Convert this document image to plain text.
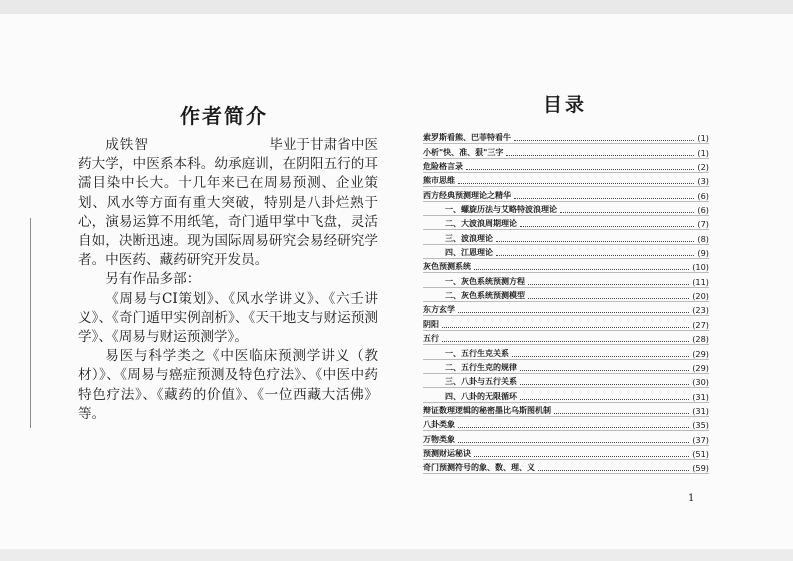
作者简介

成铁智	毕业于甘肃省中医

药大学，中医系本科。幼承庭训，在阴阳五行的耳濡目染中长大。十几年来已在周易预测、企业策划、风水等方面有重大突破，特别是八卦烂熟于心，演易运算不用纸笔，奇门遁甲掌中飞盘，灵活自如，决断迅速。现为国际周易研究会易经研究学者。中医药、藏药研究开发员。

另有作品多部：

《周易与CI策划》、《风水学讲义》、《六壬讲义》、《奇门遁甲实例剖析》、《天干地支与财运预测学》、《周易与财运预测学》。

易医与科学类之《中医临床预测学讲义（教材）》、《周易与癌症预测及特色疗法》、《中医中药特色疗法》、《藏药的价值》、《一位西藏大活佛》等。

目录
索罗斯看熊、巴菲特看牛	(1)
小析"快、准、狠"三字	(1)
危险格言录	(2)
熊市思维	(3)
西方经典预测理论之精华	(6)
一、螺旋历法与艾略特波浪理论	(6)
二、大波浪周期理论	(7)
三、波浪理论	(8)
四、江恩理论	(9)
灰色预测系统	(10)
一、灰色系统预测方程	(11)
二、灰色系统预测模型	(20)
东方玄学	(23)
阴阳	(27)
五行	(28)
一、五行生克关系	(29)
二、五行生克的规律	(29)
三、八卦与五行关系	(30)
四、八卦的无限循环	(31)
辩证数理逻辑的秘密墨比乌斯图机制	(31)
八卦类象	(35)
万物类象	(37)
预测财运秘诀	(51)
奇门预测符号的象、数、理、义	(59)
1
